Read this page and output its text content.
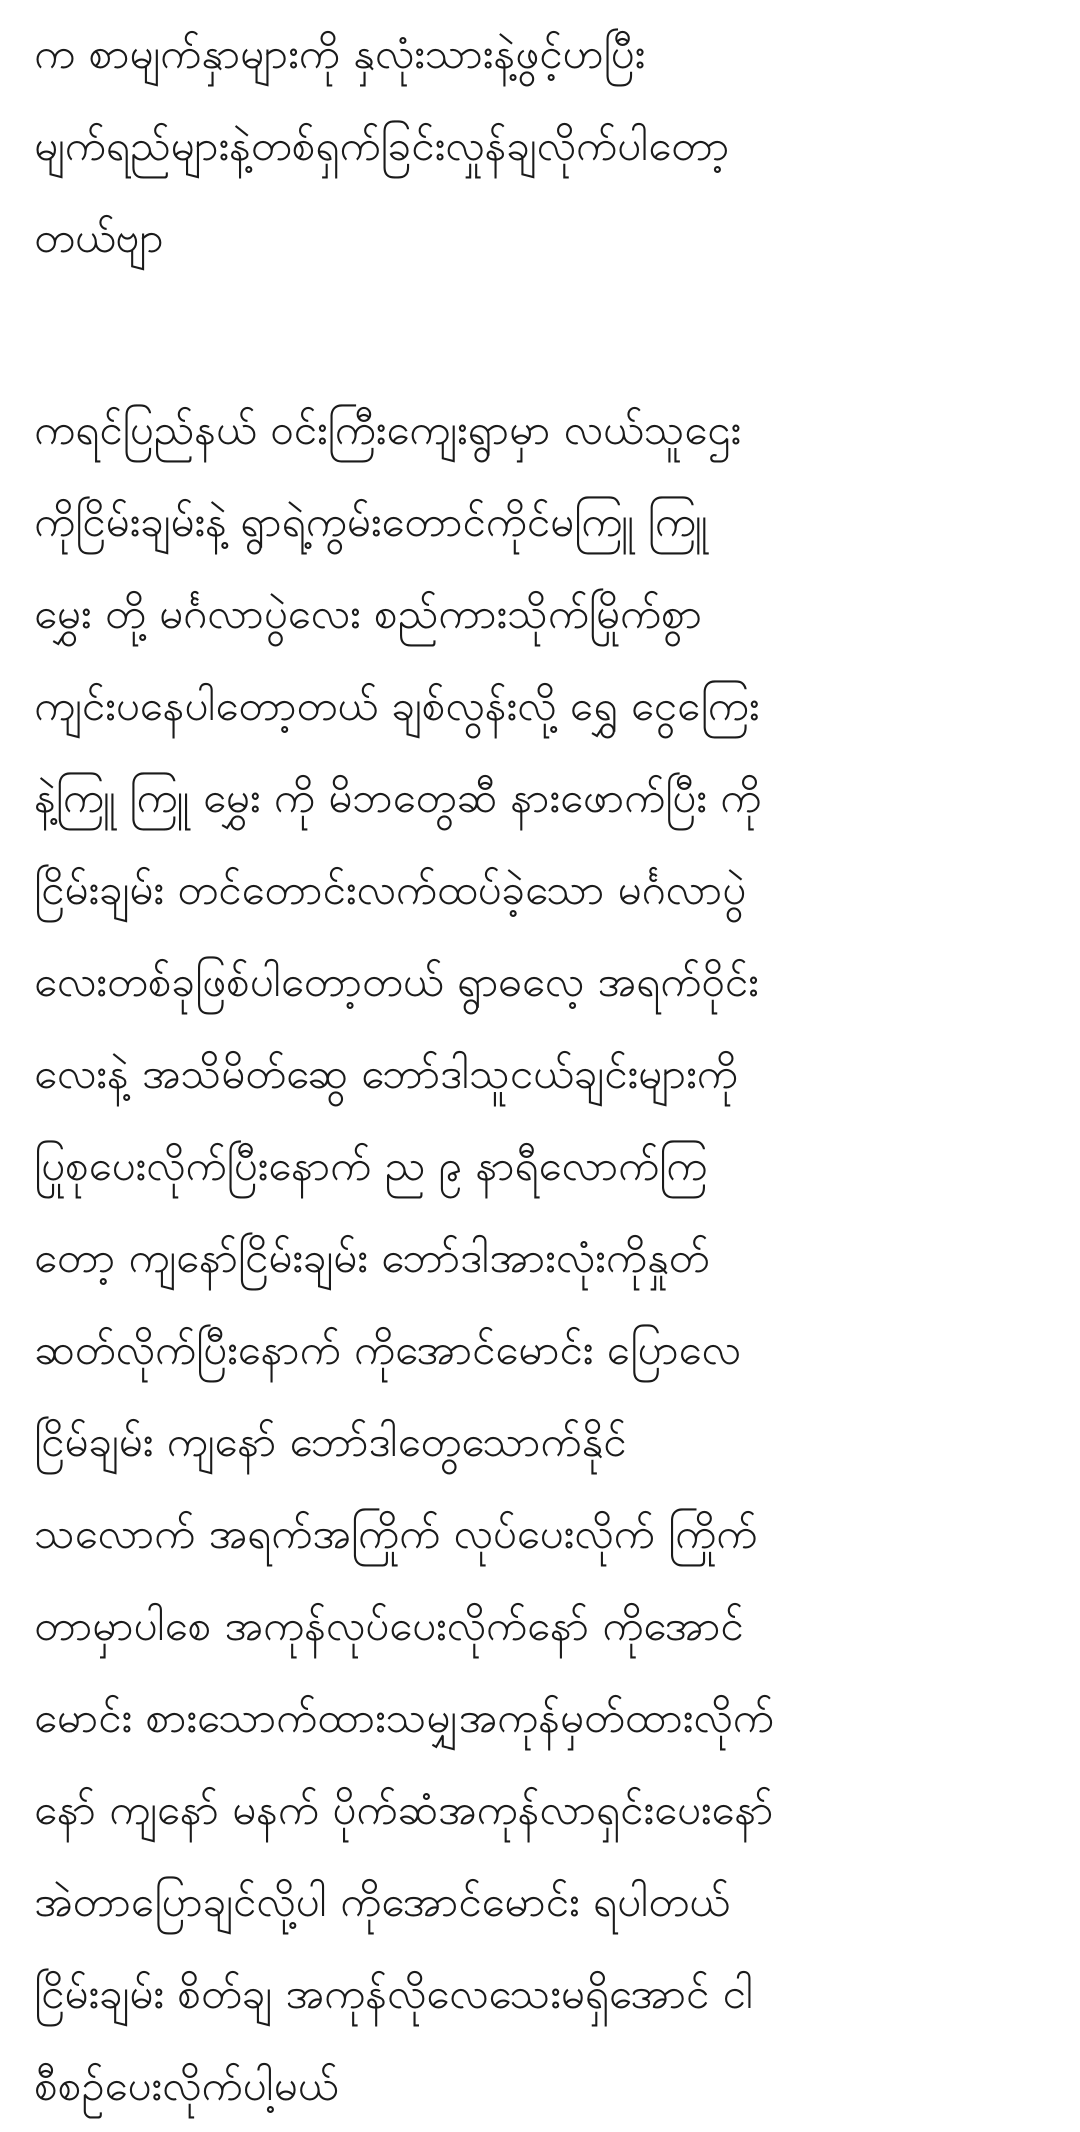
က စာမျက်နှာများကို နှလုံးသားနဲ့ဖွင့်ဟပြီး
မျက်ရည်များနဲ့တစ်ရှက်ခြင်းလှုန်ချလိုက်ပါတော့
တယ်ဗျာ
ကရင်ပြည်နယ် ဝင်းကြီးကျေးရွာမှာ လယ်သူဌေး
ကိုငြိမ်းချမ်းနဲ့ ရွာရဲ့ကွမ်းတောင်ကိုင်မကြူ ကြူ
မွှေး တို့ မင်္ဂလာပွဲလေး စည်ကားသိုက်မြိုက်စွာ
ကျင်းပနေပါတော့တယ် ချစ်လွန်းလို့ ရွှေ ငွေကြေး
နဲ့ကြူ ကြူ မွှေး ကို မိဘတွေဆီ နားဖောက်ပြီး ကို
ငြိမ်းချမ်း တင်တောင်းလက်ထပ်ခဲ့သော မင်္ဂလာပွဲ
လေးတစ်ခုဖြစ်ပါတော့တယ် ရွာဓလေ့ အရက်ဝိုင်း
လေးနဲ့ အသိမိတ်ဆွေ ဘော်ဒါသူငယ်ချင်းများကို
ပြုစုပေးလိုက်ပြီးနောက် ည ၉ နာရီလောက်ကြ
တော့ ကျနော်ငြိမ်းချမ်း ဘော်ဒါအားလုံးကိုနှုတ်
ဆတ်လိုက်ပြီးနောက် ကိုအောင်မောင်း ပြောလေ
ငြိမ်ချမ်း ကျနော် ဘော်ဒါတွေသောက်နိုင်
သလောက် အရက်အကြိုက် လုပ်ပေးလိုက် ကြိုက်
တာမှာပါစေ အကုန်လုပ်ပေးလိုက်နော် ကိုအောင်
မောင်း စားသောက်ထားသမျှအကုန်မှတ်ထားလိုက်
နော် ကျနော် မနက် ပိုက်ဆံအကုန်လာရှင်းပေးနော်
အဲတာပြောချင်လို့ပါ ကိုအောင်မောင်း ရပါတယ်
ငြိမ်းချမ်း စိတ်ချ အကုန်လိုလေသေးမရှိအောင် ငါ
စီစဉ်ပေးလိုက်ပါ့မယ်
